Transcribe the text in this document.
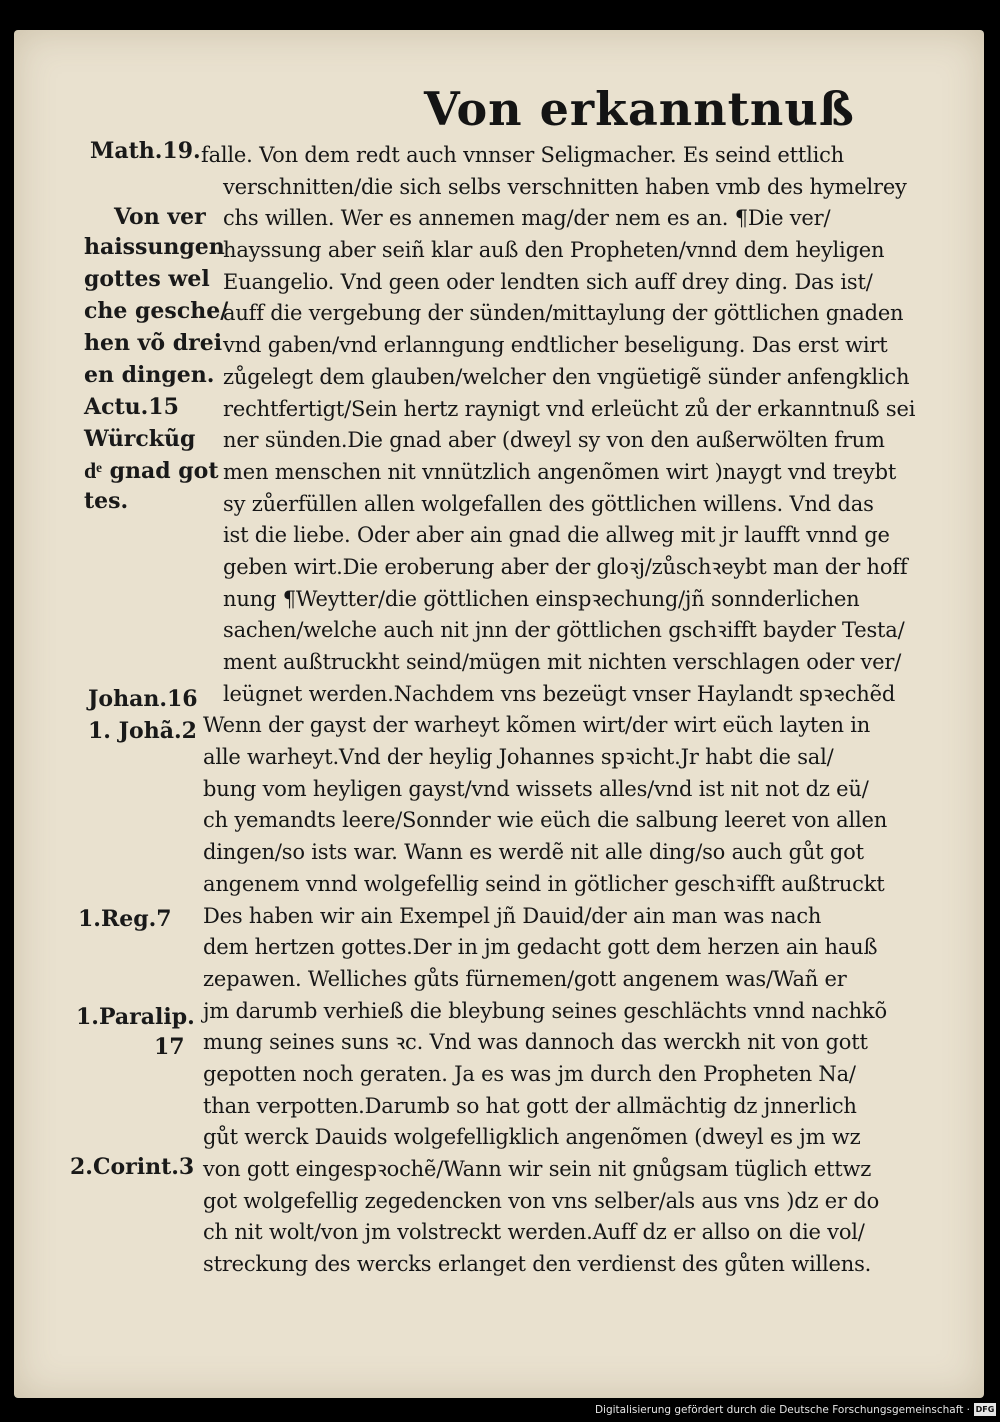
Von erkanntnuß
Math.19.
Von ver
haissungen
gottes wel
che gesche/
hen võ drei
en dingen.
Actu.15
Würckũg
dͤ gnad got
tes.
Johan.16
1. Johã.2
1.Reg.7
1.Paralip.
17
2.Corint.3
falle. Von dem redt auch vnnser Seligmacher. Es seind ettlich
verschnitten/die sich selbs verschnitten haben vmb des hymelrey
chs willen. Wer es annemen mag/der nem es an. ¶Die ver/
hayssung aber seiñ klar auß den Propheten/vnnd dem heyligen
Euangelio. Vnd geen oder lendten sich auff drey ding. Das ist/
auff die vergebung der sünden/mittaylung der göttlichen gnaden
vnd gaben/vnd erlanngung endtlicher beseligung. Das erst wirt
zůgelegt dem glauben/welcher den vngüetigẽ sünder anfengklich
rechtfertigt/Sein hertz raynigt vnd erleücht zů der erkanntnuß sei
ner sünden.Die gnad aber (dweyl sy von den außerwölten frum
men menschen nit vnnützlich angenõmen wirt )naygt vnd treybt
sy zůerfüllen allen wolgefallen des göttlichen willens. Vnd das
ist die liebe. Oder aber ain gnad die allweg mit jr laufft vnnd ge
geben wirt.Die eroberung aber der gloꝛj/zůschꝛeybt man der hoff
nung ¶Weytter/die göttlichen einspꝛechung/jñ sonnderlichen
sachen/welche auch nit jnn der göttlichen gschꝛifft bayder Testa/
ment außtruckht seind/mügen mit nichten verschlagen oder ver/
leügnet werden.Nachdem vns bezeügt vnser Haylandt spꝛechẽd
Wenn der gayst der warheyt kõmen wirt/der wirt eüch layten in
alle warheyt.Vnd der heylig Johannes spꝛicht.Jr habt die sal/
bung vom heyligen gayst/vnd wissets alles/vnd ist nit not dz eü/
ch yemandts leere/Sonnder wie eüch die salbung leeret von allen
dingen/so ists war. Wann es werdẽ nit alle ding/so auch gůt got
angenem vnnd wolgefellig seind in götlicher geschꝛifft außtruckt
Des haben wir ain Exempel jñ Dauid/der ain man was nach
dem hertzen gottes.Der in jm gedacht gott dem herzen ain hauß
zepawen. Welliches gůts fürnemen/gott angenem was/Wañ er
jm darumb verhieß die bleybung seines geschlächts vnnd nachkõ
mung seines suns ꝛc. Vnd was dannoch das werckh nit von gott
gepotten noch geraten. Ja es was jm durch den Propheten Na/
than verpotten.Darumb so hat gott der allmächtig dz jnnerlich
gůt werck Dauids wolgefelligklich angenõmen (dweyl es jm wz
von gott eingespꝛochẽ/Wann wir sein nit gnůgsam tüglich ettwz
got wolgefellig zegedencken von vns selber/als aus vns )dz er do
ch nit wolt/von jm volstreckt werden.Auff dz er allso on die vol/
streckung des wercks erlanget den verdienst des gůten willens.
Digitalisierung gefördert durch die Deutsche Forschungsgemeinschaft · DFG
